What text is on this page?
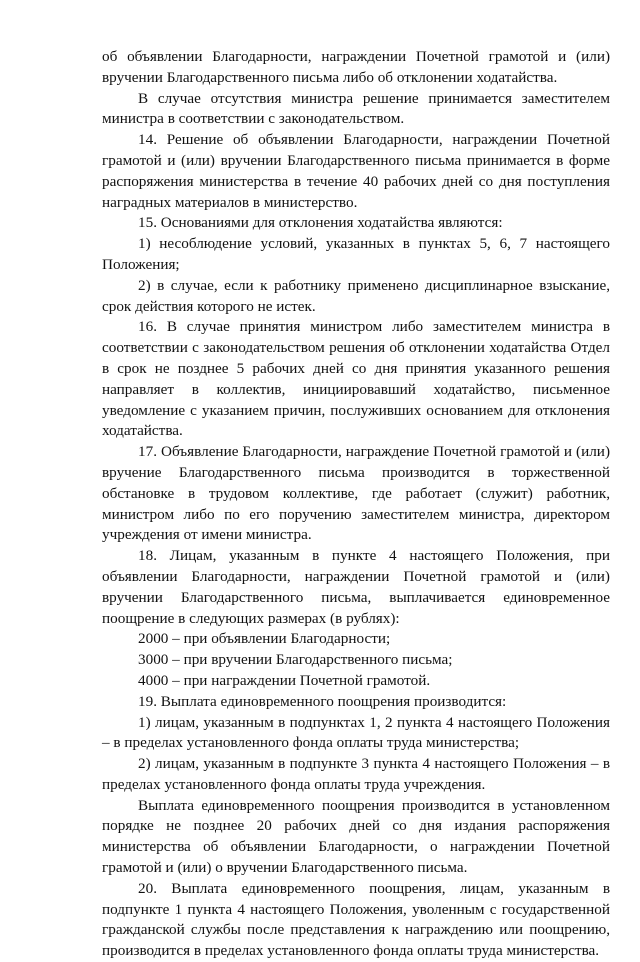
об объявлении Благодарности, награждении Почетной грамотой и (или) вручении Благодарственного письма либо об отклонении ходатайства.

В случае отсутствия министра решение принимается заместителем министра в соответствии с законодательством.

14. Решение об объявлении Благодарности, награждении Почетной грамотой и (или) вручении Благодарственного письма принимается в форме распоряжения министерства в течение 40 рабочих дней со дня поступления наградных материалов в министерство.

15. Основаниями для отклонения ходатайства являются:

1) несоблюдение условий, указанных в пунктах 5, 6, 7 настоящего Положения;

2) в случае, если к работнику применено дисциплинарное взыскание, срок действия которого не истек.

16. В случае принятия министром либо заместителем министра в соответствии с законодательством решения об отклонении ходатайства Отдел в срок не позднее 5 рабочих дней со дня принятия указанного решения направляет в коллектив, инициировавший ходатайство, письменное уведомление с указанием причин, послуживших основанием для отклонения ходатайства.

17. Объявление Благодарности, награждение Почетной грамотой и (или) вручение Благодарственного письма производится в торжественной обстановке в трудовом коллективе, где работает (служит) работник, министром либо по его поручению заместителем министра, директором учреждения от имени министра.

18. Лицам, указанным в пункте 4 настоящего Положения, при объявлении Благодарности, награждении Почетной грамотой и (или) вручении Благодарственного письма, выплачивается единовременное поощрение в следующих размерах (в рублях):

2000 – при объявлении Благодарности;

3000 – при вручении Благодарственного письма;

4000 – при награждении Почетной грамотой.

19. Выплата единовременного поощрения производится:

1) лицам, указанным в подпунктах 1, 2 пункта 4 настоящего Положения – в пределах установленного фонда оплаты труда министерства;

2) лицам, указанным в подпункте 3 пункта 4 настоящего Положения – в пределах установленного фонда оплаты труда учреждения.

Выплата единовременного поощрения производится в установленном порядке не позднее 20 рабочих дней со дня издания распоряжения министерства об объявлении Благодарности, о награждении Почетной грамотой и (или) о вручении Благодарственного письма.

20. Выплата единовременного поощрения, лицам, указанным в подпункте 1 пункта 4 настоящего Положения, уволенным с государственной гражданской службы после представления к награждению или поощрению, производится в пределах установленного фонда оплаты труда министерства.
